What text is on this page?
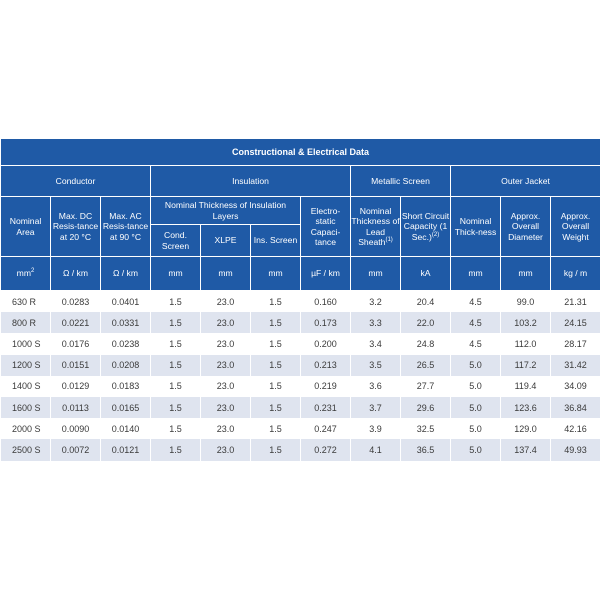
Constructional & Electrical Data											
Conductor			Insulation				Metallic Screen		Outer Jacket		
Nominal Area	Max. DC Resis-tance at 20 °C	Max. AC Resis-tance at 90 °C	Nominal Thickness of Insulation Layers			Electro-static Capaci-tance	Nominal Thickness of Lead Sheath$^{(1)}$	Short Circuit Capacity (1 Sec.)$^{(2)}$	Nominal Thick-ness	Approx. Overall Diameter	Approx. Overall Weight
			Cond. Screen	XLPE	Ins. Screen						
$mm^2$	Ω / km	Ω / km	mm	mm	mm	µF / km	mm	kA	mm	mm	kg / m
630 R	0.0283	0.0401	1.5	23.0	1.5	0.160	3.2	20.4	4.5	99.0	21.31
800 R	0.0221	0.0331	1.5	23.0	1.5	0.173	3.3	22.0	4.5	103.2	24.15
1000 S	0.0176	0.0238	1.5	23.0	1.5	0.200	3.4	24.8	4.5	112.0	28.17
1200 S	0.0151	0.0208	1.5	23.0	1.5	0.213	3.5	26.5	5.0	117.2	31.42
1400 S	0.0129	0.0183	1.5	23.0	1.5	0.219	3.6	27.7	5.0	119.4	34.09
1600 S	0.0113	0.0165	1.5	23.0	1.5	0.231	3.7	29.6	5.0	123.6	36.84
2000 S	0.0090	0.0140	1.5	23.0	1.5	0.247	3.9	32.5	5.0	129.0	42.16
2500 S	0.0072	0.0121	1.5	23.0	1.5	0.272	4.1	36.5	5.0	137.4	49.93
